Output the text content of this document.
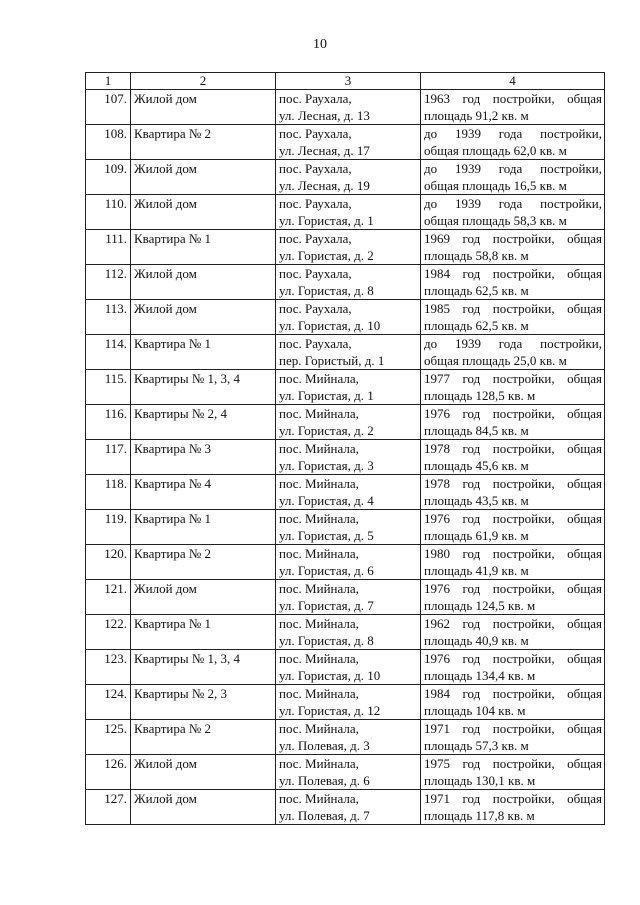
10
1	2	3	4
107.	Жилой дом	пос. Раухала,
ул. Лесная, д. 13	1963 год постройки, общая
площадь 91,2 кв. м

108.	Квартира № 2	пос. Раухала,
ул. Лесная, д. 17	до 1939 года постройки,
общая площадь 62,0 кв. м

109.	Жилой дом	пос. Раухала,
ул. Лесная, д. 19	до 1939 года постройки,
общая площадь 16,5 кв. м

110.	Жилой дом	пос. Раухала,
ул. Гористая, д. 1	до 1939 года постройки,
общая площадь 58,3 кв. м

111.	Квартира № 1	пос. Раухала,
ул. Гористая, д. 2	1969 год постройки, общая
площадь 58,8 кв. м

112.	Жилой дом	пос. Раухала,
ул. Гористая, д. 8	1984 год постройки, общая
площадь 62,5 кв. м

113.	Жилой дом	пос. Раухала,
ул. Гористая, д. 10	1985 год постройки, общая
площадь 62,5 кв. м

114.	Квартира № 1	пос. Раухала,
пер. Гористый, д. 1	до 1939 года постройки,
общая площадь 25,0 кв. м

115.	Квартиры № 1, 3, 4	пос. Мийнала,
ул. Гористая, д. 1	1977 год постройки, общая
площадь 128,5 кв. м

116.	Квартиры № 2, 4	пос. Мийнала,
ул. Гористая, д. 2	1976 год постройки, общая
площадь 84,5 кв. м

117.	Квартира № 3	пос. Мийнала,
ул. Гористая, д. 3	1978 год постройки, общая
площадь 45,6 кв. м

118.	Квартира № 4	пос. Мийнала,
ул. Гористая, д. 4	1978 год постройки, общая
площадь 43,5 кв. м

119.	Квартира № 1	пос. Мийнала,
ул. Гористая, д. 5	1976 год постройки, общая
площадь 61,9 кв. м

120.	Квартира № 2	пос. Мийнала,
ул. Гористая, д. 6	1980 год постройки, общая
площадь 41,9 кв. м

121.	Жилой дом	пос. Мийнала,
ул. Гористая, д. 7	1976 год постройки, общая
площадь 124,5 кв. м

122.	Квартира № 1	пос. Мийнала,
ул. Гористая, д. 8	1962 год постройки, общая
площадь 40,9 кв. м

123.	Квартиры № 1, 3, 4	пос. Мийнала,
ул. Гористая, д. 10	1976 год постройки, общая
площадь 134,4 кв. м

124.	Квартиры № 2, 3	пос. Мийнала,
ул. Гористая, д. 12	1984 год постройки, общая
площадь 104 кв. м

125.	Квартира № 2	пос. Мийнала,
ул. Полевая, д. 3	1971 год постройки, общая
площадь 57,3 кв. м

126.	Жилой дом	пос. Мийнала,
ул. Полевая, д. 6	1975 год постройки, общая
площадь 130,1 кв. м

127.	Жилой дом	пос. Мийнала,
ул. Полевая, д. 7	1971 год постройки, общая
площадь 117,8 кв. м
